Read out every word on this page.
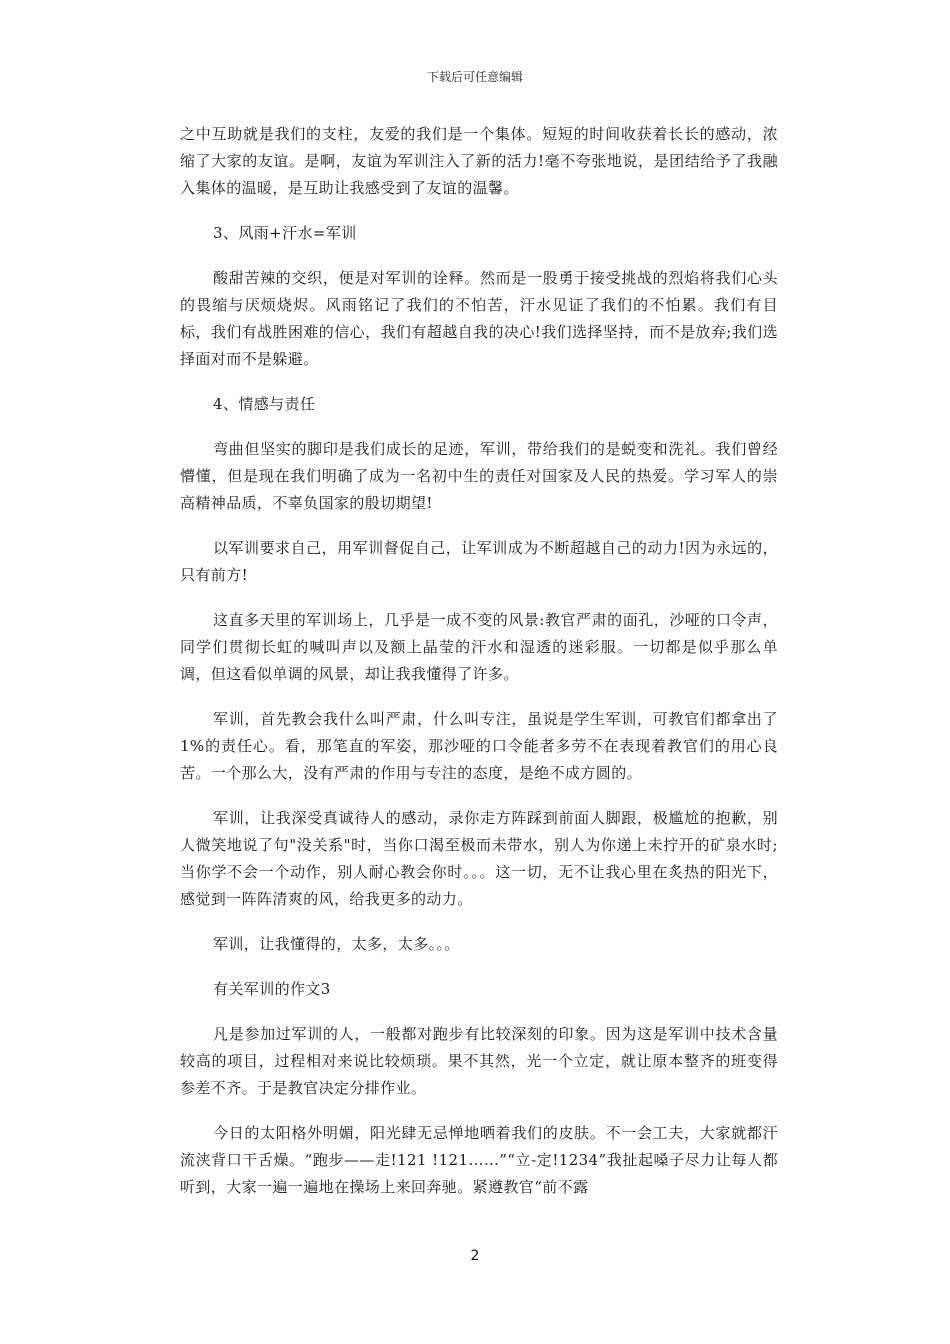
下载后可任意编辑

之中互助就是我们的支柱，友爱的我们是一个集体。短短的时间收获着长长的感动，浓缩了大家的友谊。是啊，友谊为军训注入了新的活力!毫不夸张地说，是团结给予了我融入集体的温暖，是互助让我感受到了友谊的温馨。

3、风雨+汗水=军训

酸甜苦辣的交织，便是对军训的诠释。然而是一股勇于接受挑战的烈焰将我们心头的畏缩与厌烦烧烬。风雨铭记了我们的不怕苦，汗水见证了我们的不怕累。我们有目标，我们有战胜困难的信心，我们有超越自我的决心!我们选择坚持，而不是放弃;我们选择面对而不是躲避。

4、情感与责任

弯曲但坚实的脚印是我们成长的足迹，军训，带给我们的是蜕变和洗礼。我们曾经懵懂，但是现在我们明确了成为一名初中生的责任对国家及人民的热爱。学习军人的崇高精神品质，不辜负国家的殷切期望!

以军训要求自己，用军训督促自己，让军训成为不断超越自己的动力!因为永远的，只有前方!

这直多天里的军训场上，几乎是一成不变的风景:教官严肃的面孔，沙哑的口令声，同学们贯彻长虹的喊叫声以及额上晶莹的汗水和湿透的迷彩服。一切都是似乎那么单调，但这看似单调的风景，却让我我懂得了许多。

军训，首先教会我什么叫严肃，什么叫专注，虽说是学生军训，可教官们都拿出了1%的责任心。看，那笔直的军姿，那沙哑的口令能者多劳不在表现着教官们的用心良苦。一个那么大，没有严肃的作用与专注的态度，是绝不成方圆的。

军训，让我深受真诚待人的感动，录你走方阵踩到前面人脚跟，极尴尬的抱歉，别人微笑地说了句"没关系"时，当你口渴至极而未带水，别人为你递上未拧开的矿泉水时;当你学不会一个动作，别人耐心教会你时。。。这一切，无不让我心里在炙热的阳光下，感觉到一阵阵清爽的风，给我更多的动力。

军训，让我懂得的，太多，太多。。。

有关军训的作文3

凡是参加过军训的人，一般都对跑步有比较深刻的印象。因为这是军训中技术含量较高的项目，过程相对来说比较烦琐。果不其然，光一个立定，就让原本整齐的班变得参差不齐。于是教官决定分排作业。

今日的太阳格外明媚，阳光肆无忌惮地晒着我们的皮肤。不一会工夫，大家就都汗流浃背口干舌燥。“跑步——走!121 !121……”“立-定!1234”我扯起嗓子尽力让每人都听到，大家一遍一遍地在操场上来回奔驰。紧遵教官“前不露

2
